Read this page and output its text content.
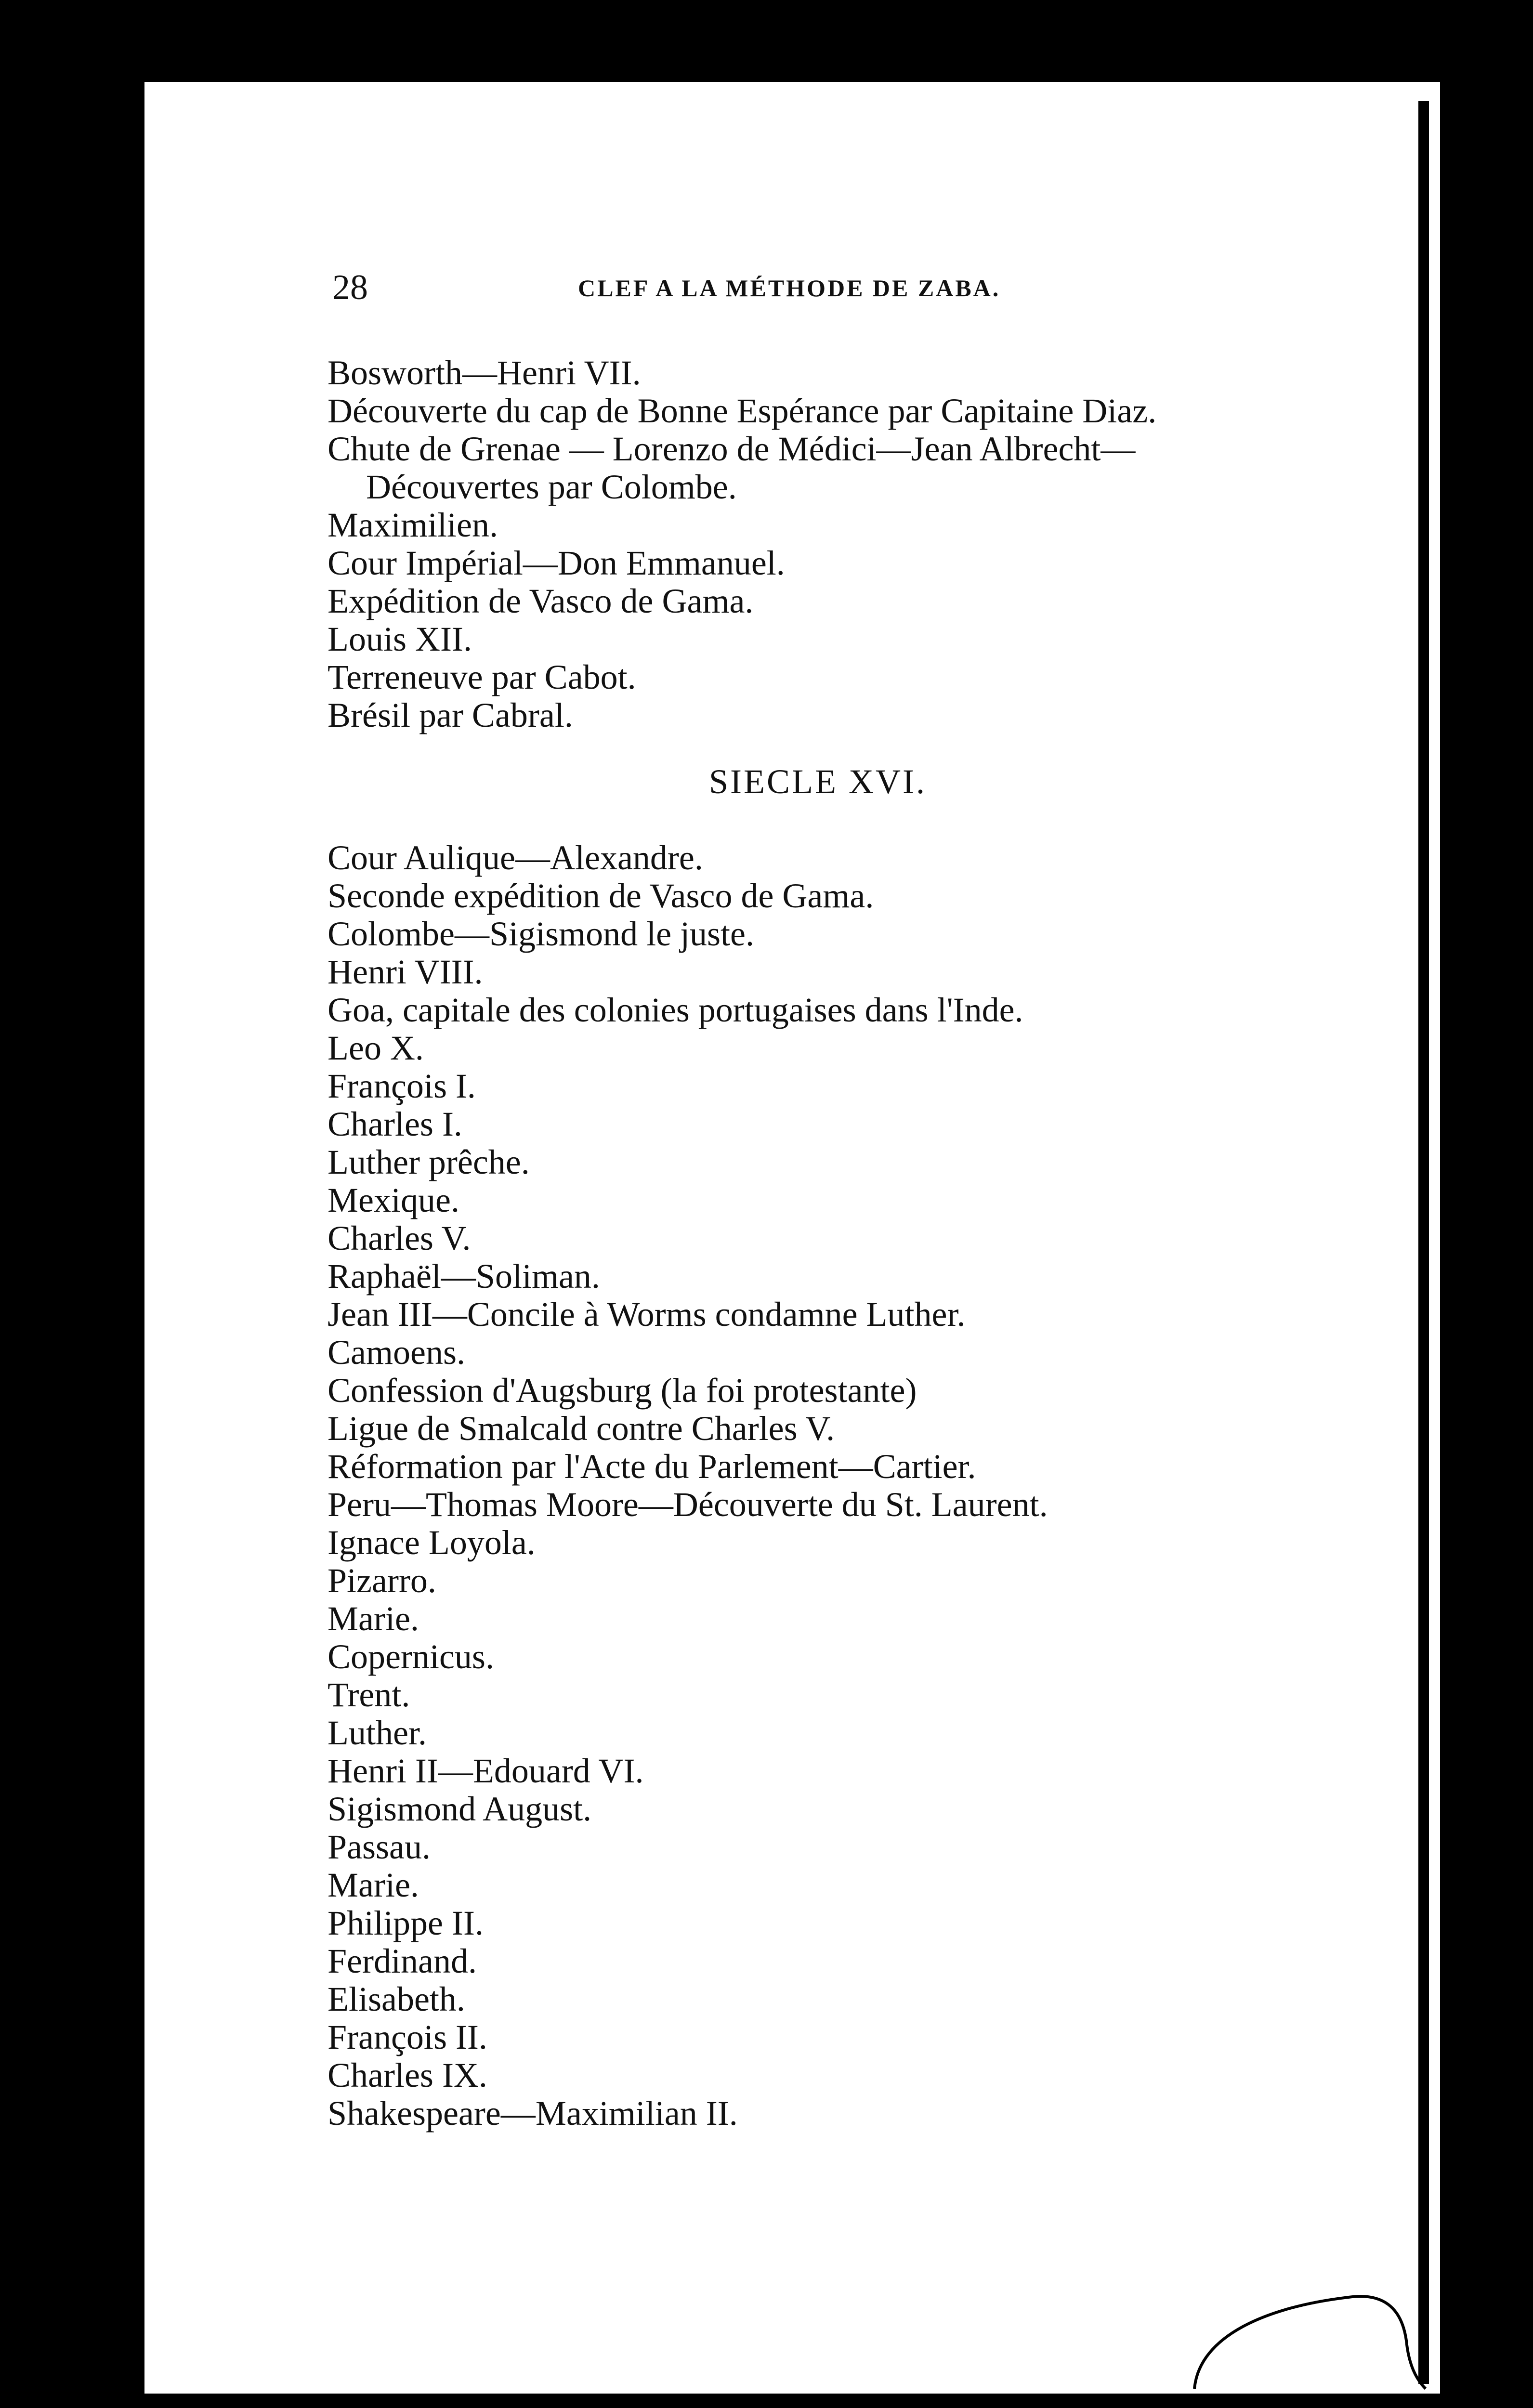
28	CLEF A LA MÉTHODE DE ZABA.
Bosworth—Henri VII.
Découverte du cap de Bonne Espérance par Capitaine Diaz.
Chute de Grenae — Lorenzo de Médici—Jean Albrecht—
Découvertes par Colombe.
Maximilien.
Cour Impérial—Don Emmanuel.
Expédition de Vasco de Gama.
Louis XII.
Terreneuve par Cabot.
Brésil par Cabral.
SIECLE XVI.
Cour Aulique—Alexandre.
Seconde expédition de Vasco de Gama.
Colombe—Sigismond le juste.
Henri VIII.
Goa, capitale des colonies portugaises dans l'Inde.
Leo X.
François I.
Charles I.
Luther prêche.
Mexique.
Charles V.
Raphaël—Soliman.
Jean III—Concile à Worms condamne Luther.
Camoens.
Confession d'Augsburg (la foi protestante)
Ligue de Smalcald contre Charles V.
Réformation par l'Acte du Parlement—Cartier.
Peru—Thomas Moore—Découverte du St. Laurent.
Ignace Loyola.
Pizarro.
Marie.
Copernicus.
Trent.
Luther.
Henri II—Edouard VI.
Sigismond August.
Passau.
Marie.
Philippe II.
Ferdinand.
Elisabeth.
François II.
Charles IX.
Shakespeare—Maximilian II.
